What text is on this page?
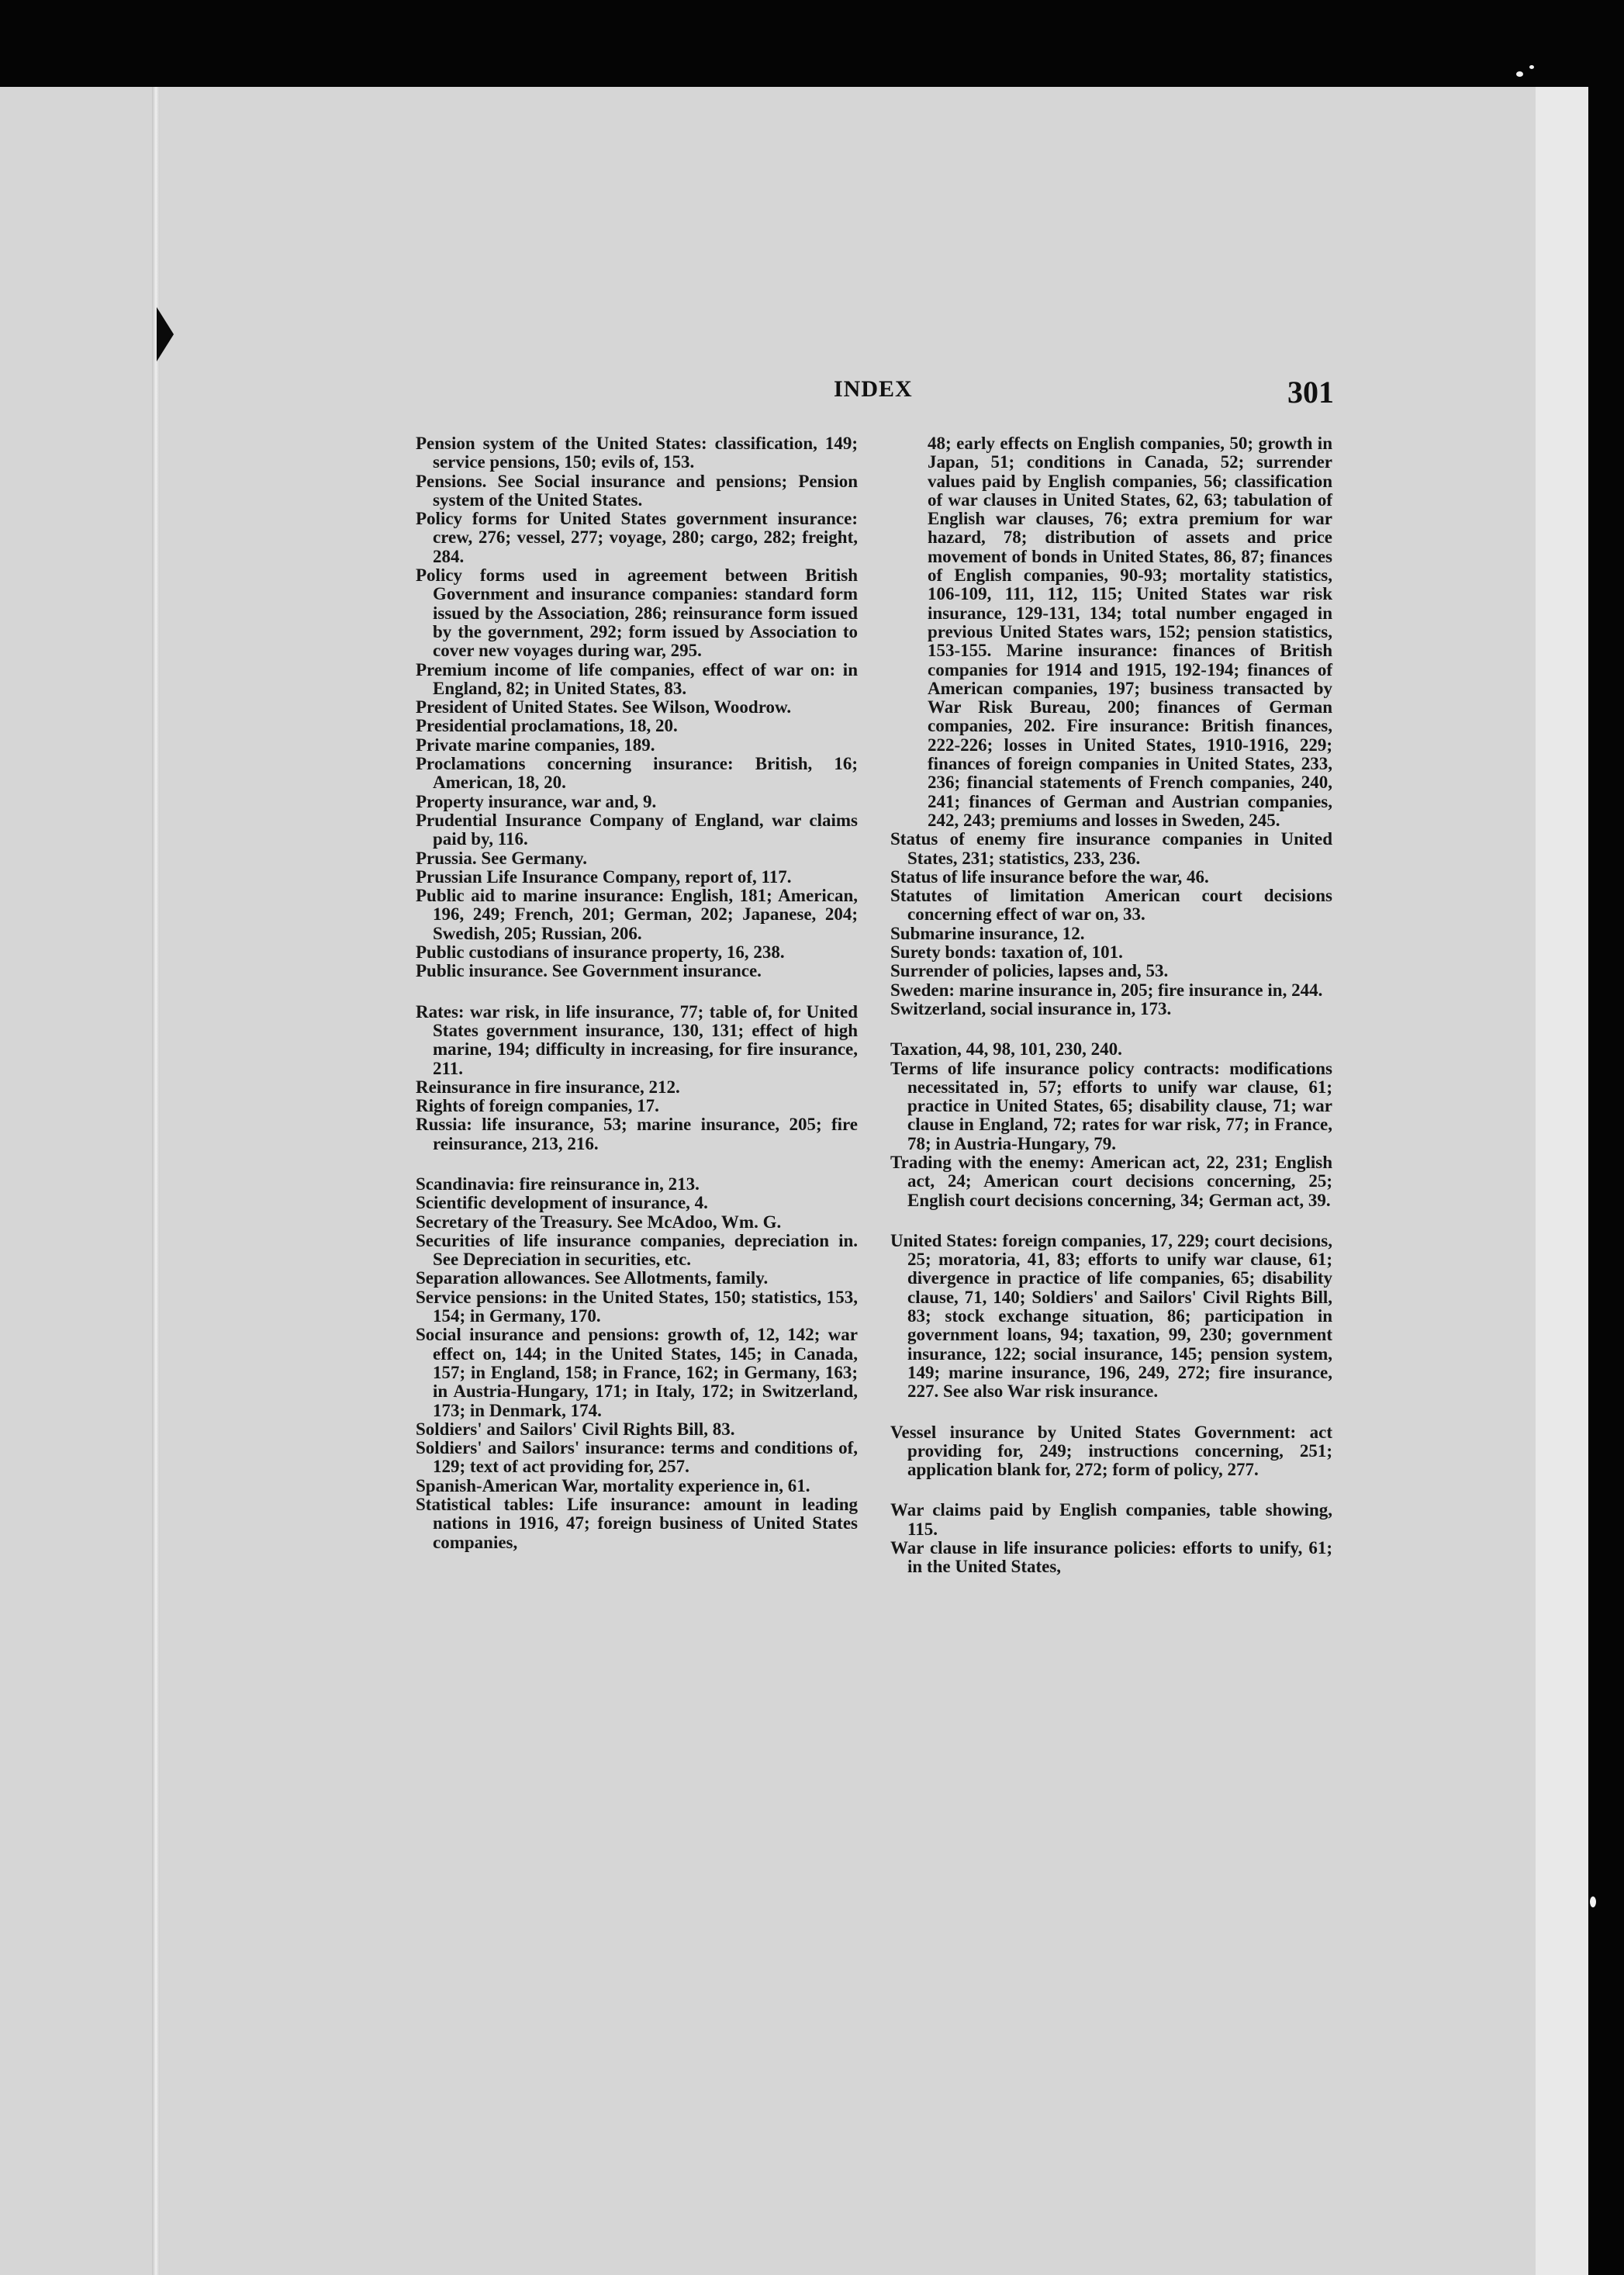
INDEX	301
Pension system of the United States: classification, 149; service pensions, 150; evils of, 153.
Pensions. See Social insurance and pensions; Pension system of the United States.
Policy forms for United States government insurance: crew, 276; vessel, 277; voyage, 280; cargo, 282; freight, 284.
Policy forms used in agreement between British Government and insurance companies: standard form issued by the Association, 286; reinsurance form issued by the government, 292; form issued by Association to cover new voyages during war, 295.
Premium income of life companies, effect of war on: in England, 82; in United States, 83.
President of United States. See Wilson, Woodrow.
Presidential proclamations, 18, 20.
Private marine companies, 189.
Proclamations concerning insurance: British, 16; American, 18, 20.
Property insurance, war and, 9.
Prudential Insurance Company of England, war claims paid by, 116.
Prussia. See Germany.
Prussian Life Insurance Company, report of, 117.
Public aid to marine insurance: English, 181; American, 196, 249; French, 201; German, 202; Japanese, 204; Swedish, 205; Russian, 206.
Public custodians of insurance property, 16, 238.
Public insurance. See Government insurance.
Rates: war risk, in life insurance, 77; table of, for United States government insurance, 130, 131; effect of high marine, 194; difficulty in increasing, for fire insurance, 211.
Reinsurance in fire insurance, 212.
Rights of foreign companies, 17.
Russia: life insurance, 53; marine insurance, 205; fire reinsurance, 213, 216.
Scandinavia: fire reinsurance in, 213.
Scientific development of insurance, 4.
Secretary of the Treasury. See McAdoo, Wm. G.
Securities of life insurance companies, depreciation in. See Depreciation in securities, etc.
Separation allowances. See Allotments, family.
Service pensions: in the United States, 150; statistics, 153, 154; in Germany, 170.
Social insurance and pensions: growth of, 12, 142; war effect on, 144; in the United States, 145; in Canada, 157; in England, 158; in France, 162; in Germany, 163; in Austria-Hungary, 171; in Italy, 172; in Switzerland, 173; in Denmark, 174.
Soldiers' and Sailors' Civil Rights Bill, 83.
Soldiers' and Sailors' insurance: terms and conditions of, 129; text of act providing for, 257.
Spanish-American War, mortality experience in, 61.
Statistical tables: Life insurance: amount in leading nations in 1916, 47; foreign business of United States companies,
48; early effects on English companies, 50; growth in Japan, 51; conditions in Canada, 52; surrender values paid by English companies, 56; classification of war clauses in United States, 62, 63; tabulation of English war clauses, 76; extra premium for war hazard, 78; distribution of assets and price movement of bonds in United States, 86, 87; finances of English companies, 90-93; mortality statistics, 106-109, 111, 112, 115; United States war risk insurance, 129-131, 134; total number engaged in previous United States wars, 152; pension statistics, 153-155. Marine insurance: finances of British companies for 1914 and 1915, 192-194; finances of American companies, 197; business transacted by War Risk Bureau, 200; finances of German companies, 202. Fire insurance: British finances, 222-226; losses in United States, 1910-1916, 229; finances of foreign companies in United States, 233, 236; financial statements of French companies, 240, 241; finances of German and Austrian companies, 242, 243; premiums and losses in Sweden, 245.
Status of enemy fire insurance companies in United States, 231; statistics, 233, 236.
Status of life insurance before the war, 46.
Statutes of limitation American court decisions concerning effect of war on, 33.
Submarine insurance, 12.
Surety bonds: taxation of, 101.
Surrender of policies, lapses and, 53.
Sweden: marine insurance in, 205; fire insurance in, 244.
Switzerland, social insurance in, 173.
Taxation, 44, 98, 101, 230, 240.
Terms of life insurance policy contracts: modifications necessitated in, 57; efforts to unify war clause, 61; practice in United States, 65; disability clause, 71; war clause in England, 72; rates for war risk, 77; in France, 78; in Austria-Hungary, 79.
Trading with the enemy: American act, 22, 231; English act, 24; American court decisions concerning, 25; English court decisions concerning, 34; German act, 39.
United States: foreign companies, 17, 229; court decisions, 25; moratoria, 41, 83; efforts to unify war clause, 61; divergence in practice of life companies, 65; disability clause, 71, 140; Soldiers' and Sailors' Civil Rights Bill, 83; stock exchange situation, 86; participation in government loans, 94; taxation, 99, 230; government insurance, 122; social insurance, 145; pension system, 149; marine insurance, 196, 249, 272; fire insurance, 227. See also War risk insurance.
Vessel insurance by United States Government: act providing for, 249; instructions concerning, 251; application blank for, 272; form of policy, 277.
War claims paid by English companies, table showing, 115.
War clause in life insurance policies: efforts to unify, 61; in the United States,
